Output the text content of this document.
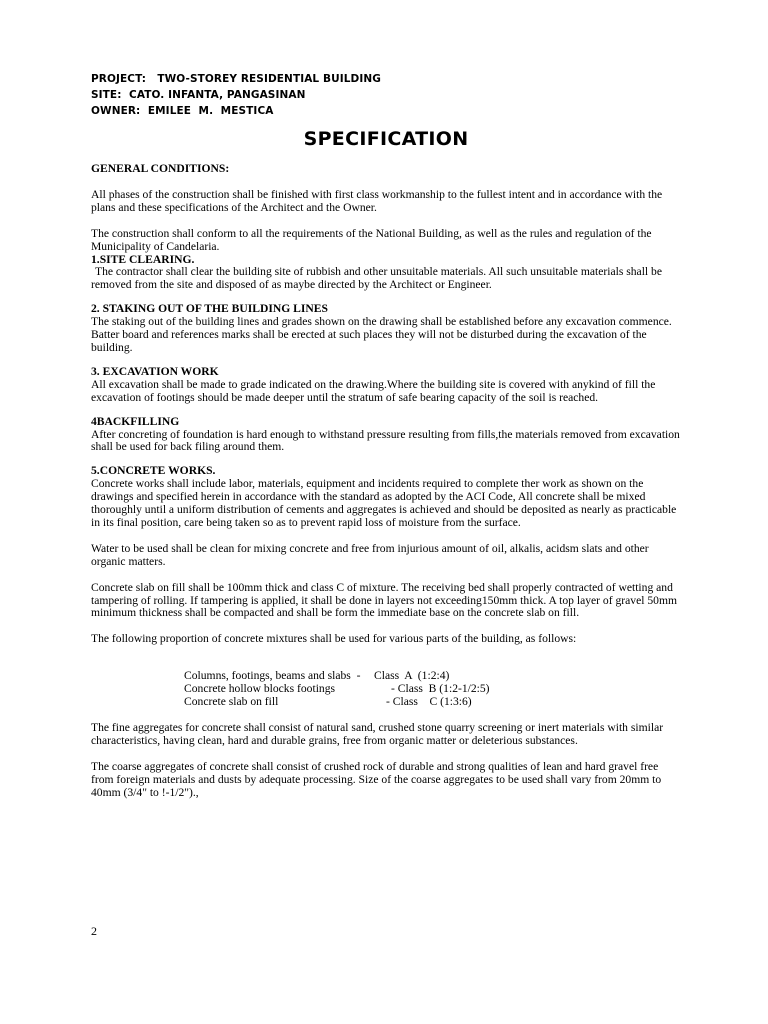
PROJECT:   TWO-STOREY RESIDENTIAL BUILDING
SITE:  CATO. INFANTA, PANGASINAN
OWNER:  EMILEE  M.  MESTICA
SPECIFICATION

GENERAL CONDITIONS:

All phases of the construction shall be finished with first class workmanship to the fullest intent and in accordance with the plans and these specifications of the Architect and the Owner.

The construction shall conform to all the requirements of the National Building, as well as the rules and regulation of the Municipality of Candelaria.

1.SITE CLEARING.

The contractor shall clear the building site of rubbish and other unsuitable materials. All such unsuitable materials shall be removed from the site and disposed of as maybe directed by the Architect or Engineer.

2. STAKING OUT OF THE BUILDING LINES

The staking out of the building lines and grades shown on the drawing shall be established before any excavation commence. Batter board and references marks shall be erected at such places they will not be disturbed during the excavation of the building.

3. EXCAVATION WORK

All excavation shall be made to grade indicated on the drawing.Where the building site is covered with anykind of fill the excavation of footings should be made deeper until the stratum of safe bearing capacity of the soil is reached.

4BACKFILLING

After concreting of foundation is hard enough to withstand pressure resulting from fills,the materials removed from excavation shall be used for back filing around them.

5.CONCRETE WORKS.

Concrete works shall include labor, materials, equipment and incidents required to complete ther work as shown on the drawings and specified herein in accordance with the standard as adopted by the ACI Code, All concrete shall be mixed thoroughly until a uniform distribution of cements and aggregates is achieved and should be deposited as nearly as practicable in its final position, care being taken so as to prevent rapid loss of moisture from the surface.

Water to be used shall be clean for mixing concrete and free from injurious amount of oil, alkalis, acidsm slats and other organic matters.

Concrete slab on fill shall be 100mm thick and class C of mixture. The receiving bed shall properly contracted of wetting and tampering of rolling. If tampering is applied, it shall be done in layers not exceeding150mm thick. A top layer of gravel 50mm minimum thickness shall be compacted and shall be form the immediate base on the concrete slab on fill.

The following proportion of concrete mixtures shall be used for various parts of the building, as follows:

Columns, footings, beams and slabs  -	Class  A  (1:2:4)
Concrete hollow blocks footings	- Class  B (1:2-1/2:5)
Concrete slab on fill	- Class    C (1:3:6)

The fine aggregates for concrete shall consist of natural sand, crushed stone quarry screening or inert materials with similar characteristics, having clean, hard and durable grains, free from organic matter or deleterious substances.

The coarse aggregates of concrete shall consist of crushed rock of durable and strong qualities of lean and hard gravel free from foreign materials and dusts by adequate processing. Size of the coarse aggregates to be used shall vary from 20mm to 40mm (3/4" to !-1/2").,

2
